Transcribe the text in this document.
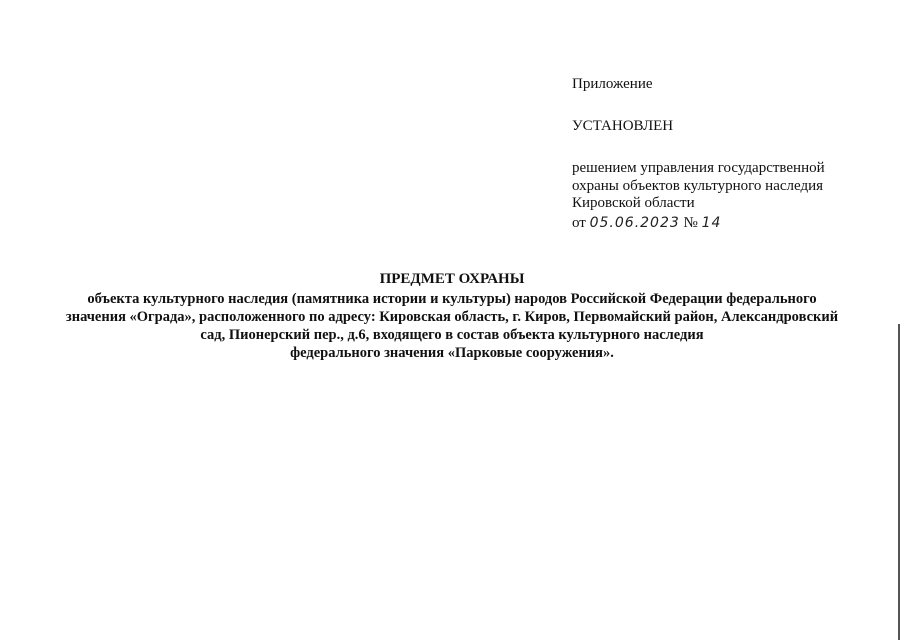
Приложение
УСТАНОВЛЕН
решением управления государственной
охраны объектов культурного наследия
Кировской области
от 05.06.2023 № 14
ПРЕДМЕТ ОХРАНЫ
объекта культурного наследия (памятника истории и культуры) народов Российской Федерации федерального
значения «Ограда», расположенного по адресу: Кировская область, г. Киров, Первомайский район, Александровский
сад, Пионерский пер., д.6, входящего в состав объекта культурного наследия
федерального значения «Парковые сооружения».
